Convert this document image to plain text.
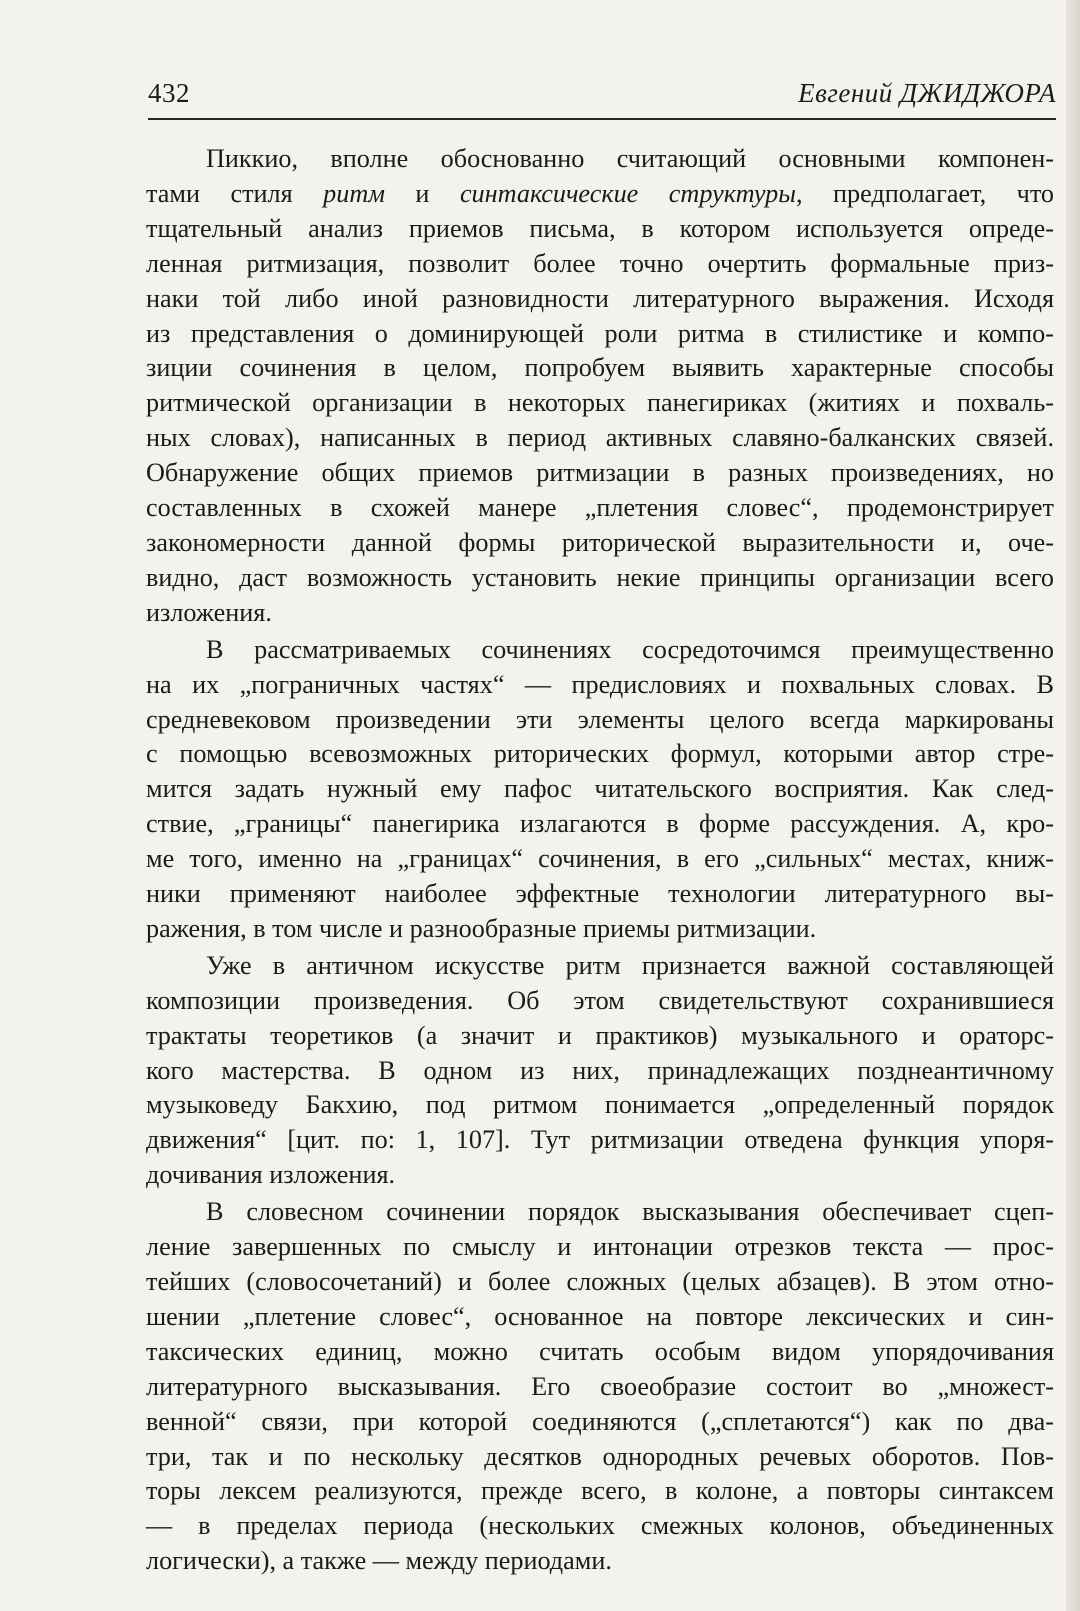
432	Евгений ДЖИДЖОРА
Пиккио, вполне обоснованно считающий основными компонен-
тами стиля ритм и синтаксические структуры, предполагает, что
тщательный анализ приемов письма, в котором используется опреде-
ленная ритмизация, позволит более точно очертить формальные приз-
наки той либо иной разновидности литературного выражения. Исходя
из представления о доминирующей роли ритма в стилистике и компо-
зиции сочинения в целом, попробуем выявить характерные способы
ритмической организации в некоторых панегириках (житиях и похваль-
ных словах), написанных в период активных славяно-балканских связей.
Обнаружение общих приемов ритмизации в разных произведениях, но
составленных в схожей манере „плетения словес“, продемонстрирует
закономерности данной формы риторической выразительности и, оче-
видно, даст возможность установить некие принципы организации всего
изложения.
В рассматриваемых сочинениях сосредоточимся преимущественно
на их „пограничных частях“ — предисловиях и похвальных словах. В
средневековом произведении эти элементы целого всегда маркированы
с помощью всевозможных риторических формул, которыми автор стре-
мится задать нужный ему пафос читательского восприятия. Как след-
ствие, „границы“ панегирика излагаются в форме рассуждения. А, кро-
ме того, именно на „границах“ сочинения, в его „сильных“ местах, книж-
ники применяют наиболее эффектные технологии литературного вы-
ражения, в том числе и разнообразные приемы ритмизации.
Уже в античном искусстве ритм признается важной составляющей
композиции произведения. Об этом свидетельствуют сохранившиеся
трактаты теоретиков (а значит и практиков) музыкального и ораторс-
кого мастерства. В одном из них, принадлежащих позднеантичному
музыковеду Бакхию, под ритмом понимается „определенный порядок
движения“ [цит. по: 1, 107]. Тут ритмизации отведена функция упоря-
дочивания изложения.
В словесном сочинении порядок высказывания обеспечивает сцеп-
ление завершенных по смыслу и интонации отрезков текста — прос-
тейших (словосочетаний) и более сложных (целых абзацев). В этом отно-
шении „плетение словес“, основанное на повторе лексических и син-
таксических единиц, можно считать особым видом упорядочивания
литературного высказывания. Его своеобразие состоит во „множест-
венной“ связи, при которой соединяются („сплетаются“) как по два-
три, так и по нескольку десятков однородных речевых оборотов. Пов-
торы лексем реализуются, прежде всего, в колоне, а повторы синтаксем
— в пределах периода (нескольких смежных колонов, объединенных
логически), а также — между периодами.
